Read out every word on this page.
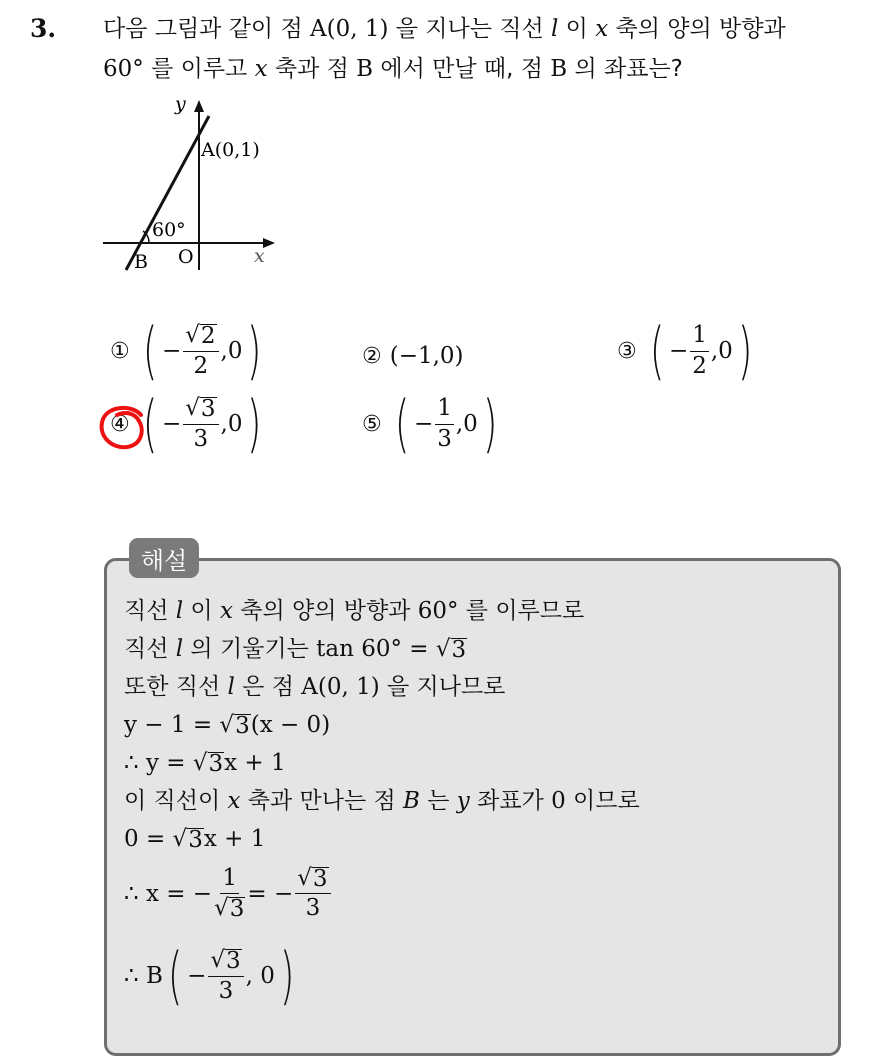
3. 다음 그림과 같이 점 A(0, 1) 을 지나는 직선 l 이 x 축의 양의 방향과
60° 를 이루고 x 축과 점 B 에서 만날 때, 점 B 의 좌표는?
y
x
A(0,1)
60°
B O
① ( − $\frac{√ 2}{2} ,0$ )	② (−1,0)	③ ( − $\frac{1}{2} ,0$ )
④ ( − $\frac{√ 3}{3} ,0$ )	⑤ ( − $\frac{1}{3} ,0$ )
해설
직선 l 이 x 축의 양의 방향과 60° 를 이루므로
직선 l 의 기울기는 tan 60° = √ 3
또한 직선 l 은 점 A(0, 1) 을 지나므로
y − 1 = √ 3 (x − 0)
∴ y = √ 3 x + 1
이 직선이 x 축과 만나는 점 B 는 y 좌표가 0 이므로
0 = √ 3 x + 1
∴ x = − $\frac{1}{√ 3}$ = − $\frac{√ 3}{3}$
∴ B ( − $\frac{√ 3}{3}$ , 0 )
